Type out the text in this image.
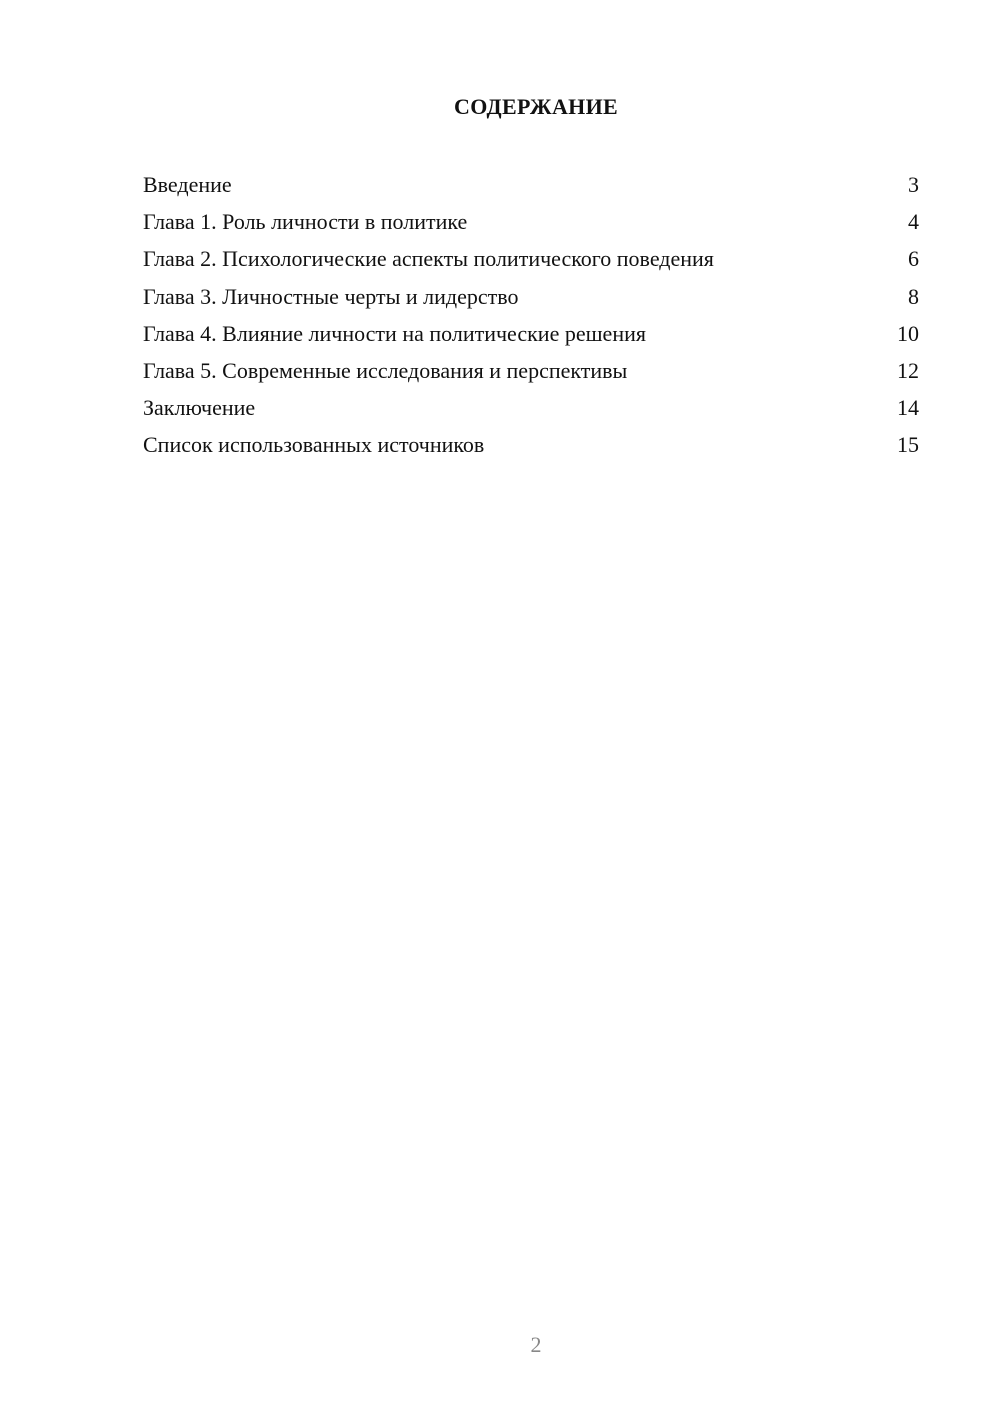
СОДЕРЖАНИЕ
Введение	3
Глава 1. Роль личности в политике	4
Глава 2. Психологические аспекты политического поведения	6
Глава 3. Личностные черты и лидерство	8
Глава 4. Влияние личности на политические решения	10
Глава 5. Современные исследования и перспективы	12
Заключение	14
Список использованных источников	15
2
